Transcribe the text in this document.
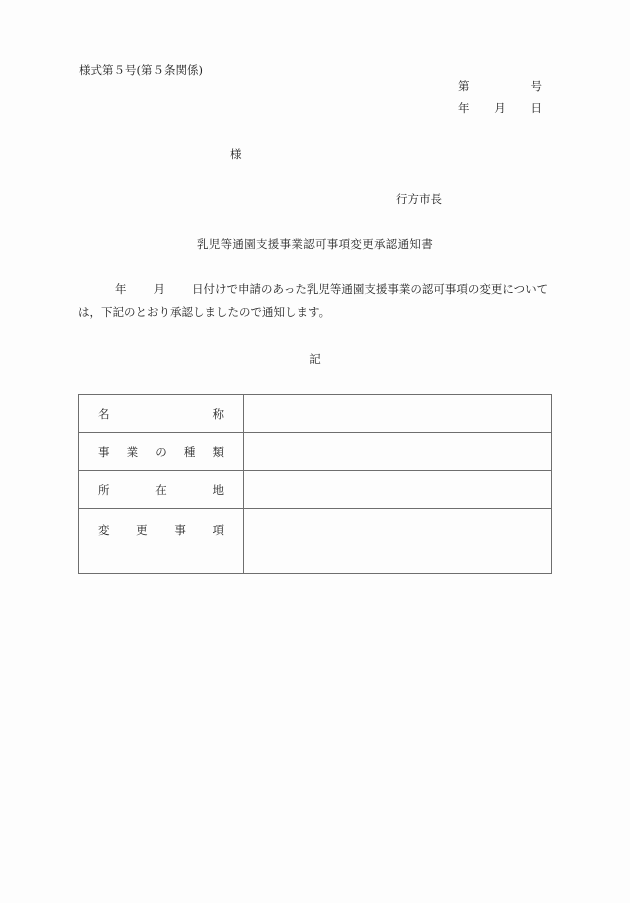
様式第５号(第５条関係)
第	号
年 月 日
様
行方市長
乳児等通園支援事業認可事項変更承認通知書
年 月 日付けで申請のあった乳児等通園支援事業の認可事項の変更について
は，下記のとおり承認しましたので通知します。
記
名 称	

事 業 の 種 類	

所 在 地	

変 更 事 項	
